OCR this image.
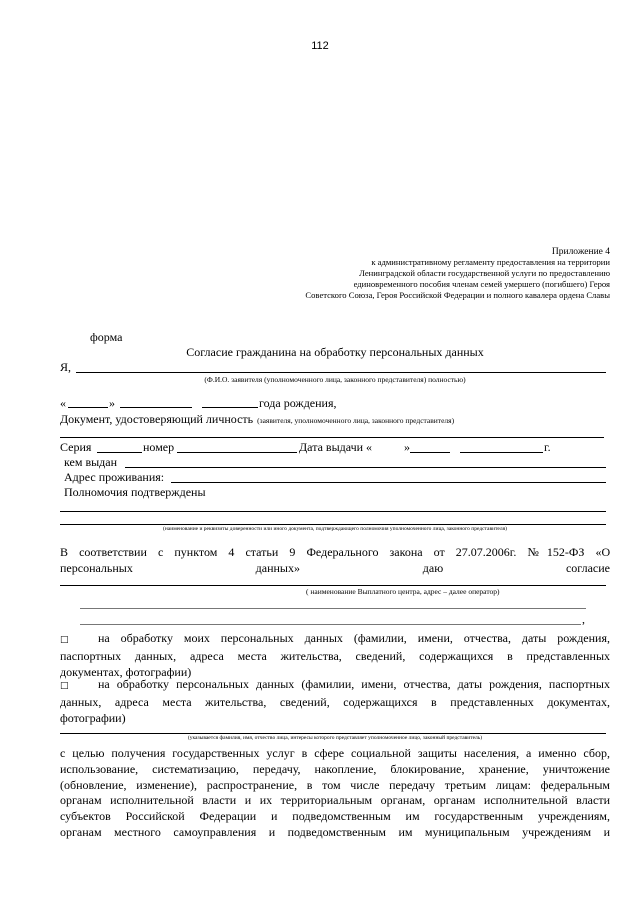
112
Приложение 4
к административному регламенту предоставления на территории
Ленинградской области государственной услуги по предоставлению
единовременного пособия членам семей умершего (погибшего) Героя
Советского Союза, Героя Российской Федерации и полного кавалера ордена Славы
форма
Согласие гражданина на обработку персональных данных
Я,
(Ф.И.О. заявителя (уполномоченного лица, законного представителя) полностью)
«	»	года рождения,
Документ, удостоверяющий личность (заявителя, уполномоченного лица, законного представителя)
Серия	номер	Дата выдачи «	»	г.
кем выдан
Адрес проживания:
Полномочия подтверждены
(наименование и реквизиты доверенности или иного документа, подтверждающего полномочия уполномоченного лица, законного представителя)
В соответствии с пунктом 4 статьи 9 Федерального закона от 27.07.2006г. №152-ФЗ «О
персональных	данных»	даю	согласие
( наименование Выплатного центра, адрес – далее оператор)
,
□ на обработку моих персональных данных (фамилии, имени, отчества, даты рождения,
паспортных данных, адреса места жительства, сведений, содержащихся в представленных
документах, фотографии)
□ на обработку персональных данных (фамилии, имени, отчества, даты рождения, паспортных
данных, адреса места жительства, сведений, содержащихся в представленных документах,
фотографии)
(указывается фамилия, имя, отчество лица, интересы которого представляет уполномоченное лицо, законный представитель)
с целью получения государственных услуг в сфере социальной защиты населения, а именно сбор,
использование, систематизацию, передачу, накопление, блокирование, хранение, уничтожение
(обновление, изменение), распространение, в том числе передачу третьим лицам: федеральным
органам исполнительной власти и их территориальным органам, органам исполнительной власти
субъектов Российской Федерации и подведомственным им государственным учреждениям,
органам местного самоуправления и подведомственным им муниципальным учреждениям и
